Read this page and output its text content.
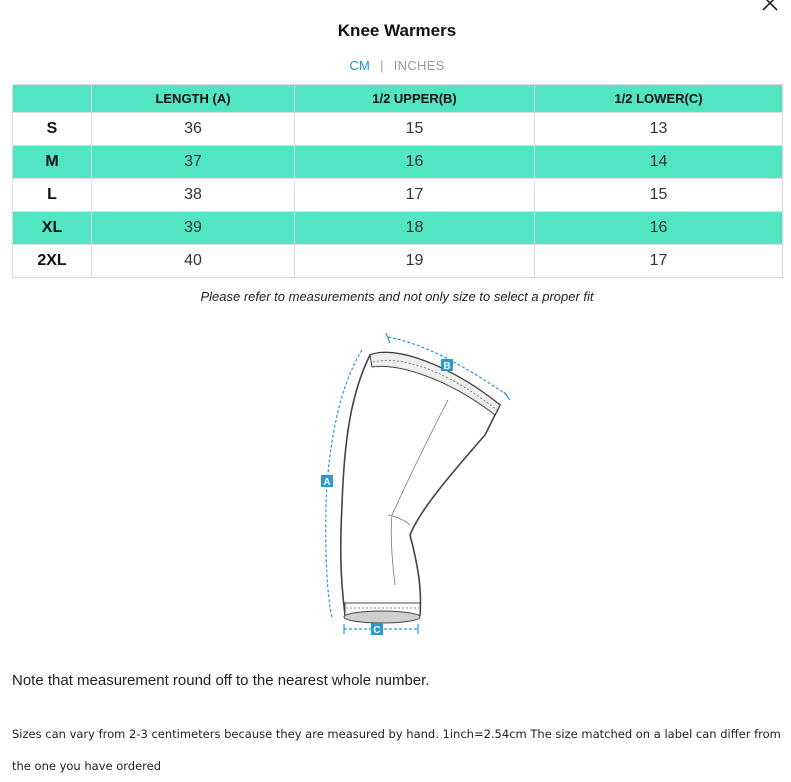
Knee Warmers
CM | INCHES
	LENGTH (A)	1/2 UPPER(B)	1/2 LOWER(C)
S	36	15	13
M	37	16	14
L	38	17	15
XL	39	18	16
2XL	40	19	17
Please refer to measurements and not only size to select a proper fit
A
B
C
Note that measurement round off to the nearest whole number.
Sizes can vary from 2-3 centimeters because they are measured by hand. 1inch=2.54cm The size matched on a label can differ from the one you have ordered
